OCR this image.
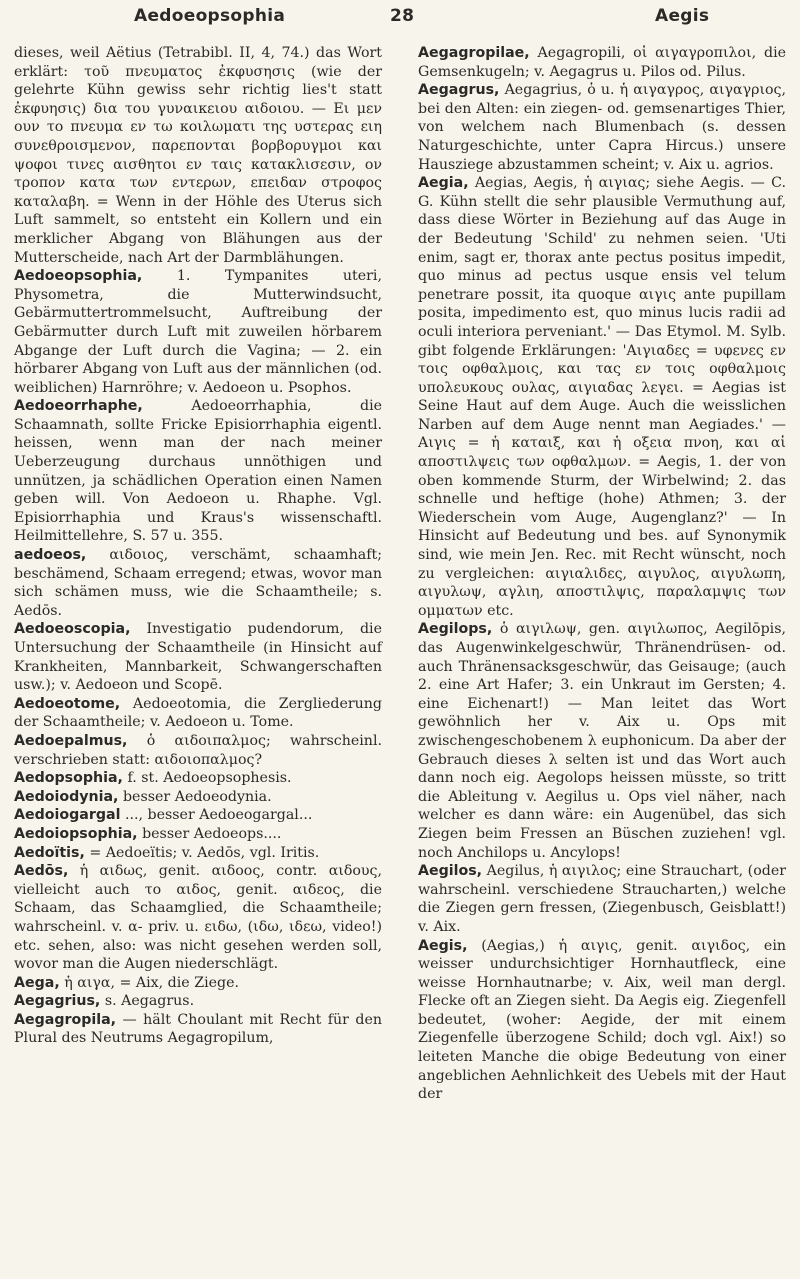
Aedoeopsophia	28	Aegis

dieses, weil Aëtius (Tetrabibl. II, 4, 74.) das Wort erklärt: τοῦ πνευματος ἐκφυσησις (wie der gelehrte Kühn gewiss sehr richtig lies't statt ἐκφυησις) δια του γυναικειου αιδοιου. — Ει μεν ουν το πνευμα εν τω κοιλωματι της υστερας ειη συνεθροισμενον, παρεπονται βορβορυγμοι και ψοφοι τινες αισθητοι εν ταις κατακλισεσιν, ον τροπον κατα των εντερων, επειδαν στροφος καταλαβη. = Wenn in der Höhle des Uterus sich Luft sammelt, so entsteht ein Kollern und ein merklicher Abgang von Blähungen aus der Mutterscheide, nach Art der Darmblähungen.

Aedoeopsophia, 1. Tympanites uteri, Physometra, die Mutterwindsucht, Gebärmuttertrommelsucht, Auftreibung der Gebärmutter durch Luft mit zuweilen hörbarem Abgange der Luft durch die Vagina; — 2. ein hörbarer Abgang von Luft aus der männlichen (od. weiblichen) Harnröhre; v. Aedoeon u. Psophos.

Aedoeorrhaphe,	Aedoeorrhaphia, die Schaamnath, sollte Fricke Episiorrhaphia eigentl. heissen, wenn man der nach meiner Ueberzeugung durchaus unnöthigen und unnützen, ja schädlichen Operation einen Namen geben will. Von Aedoeon u. Rhaphe. Vgl. Episiorrhaphia und Kraus's wissenschaftl. Heilmittellehre, S. 57 u. 355.

aedoeos, αιδοιος, verschämt, schaamhaft; beschämend, Schaam erregend; etwas, wovor man sich schämen muss, wie die Schaamtheile; s. Aedōs.

Aedoeoscopia, Investigatio pudendorum, die Untersuchung der Schaamtheile (in Hinsicht auf Krankheiten, Mannbarkeit, Schwangerschaften usw.); v. Aedoeon und Scopē.

Aedoeotome, Aedoeotomia, die Zergliederung der Schaamtheile; v. Aedoeon u. Tome.

Aedoepalmus, ὁ αιδοιπαλμος; wahrscheinl. verschrieben statt: αιδοιοπαλμος?

Aedopsophia, f. st. Aedoeopsophesis.

Aedoiodynia, besser Aedoeodynia.

Aedoiogargal ..., besser Aedoeogargal...

Aedoiopsophia, besser Aedoeops....

Aedoïtis, = Aedoeïtis; v. Aedōs, vgl. Iritis.

Aedōs, ἡ αιδως, genit. αιδοος, contr. αιδους, vielleicht auch το αιδος, genit. αιδεος, die Schaam, das Schaamglied, die Schaamtheile; wahrscheinl. v. α- priv. u. ειδω, (ιδω, ιδεω, video!) etc. sehen, also: was nicht gesehen werden soll, wovor man die Augen niederschlägt.

Aega, ἡ αιγα, = Aix, die Ziege.

Aegagrius, s. Aegagrus.

Aegagropila, — hält Choulant mit Recht für den Plural des Neutrums Aegagropilum,

Aegagropilae, Aegagropili, οἱ αιγαγροπιλοι, die Gemsenkugeln; v. Aegagrus u. Pilos od. Pilus.

Aegagrus, Aegagrius, ὁ u. ἡ αιγαγρος, αιγαγριος, bei den Alten: ein ziegen- od. gemsenartiges Thier, von welchem nach Blumenbach (s. dessen Naturgeschichte, unter Capra Hircus.) unsere Hausziege abzustammen scheint; v. Aix u. agrios.

Aegia, Aegias, Aegis, ἡ αιγιας; siehe Aegis. — C. G. Kühn stellt die sehr plausible Vermuthung auf, dass diese Wörter in Beziehung auf das Auge in der Bedeutung 'Schild' zu nehmen seien. 'Uti enim, sagt er, thorax ante pectus positus impedit, quo minus ad pectus usque ensis vel telum penetrare possit, ita quoque αιγις ante pupillam posita, impedimento est, quo minus lucis radii ad oculi interiora perveniant.' — Das Etymol. M. Sylb. gibt folgende Erklärungen: 'Αιγιαδες = υφενες εν τοις οφθαλμοις, και τας εν τοις οφθαλμοις υπολευκους ουλας, αιγιαδας λεγει. = Aegias ist Seine Haut auf dem Auge. Auch die weisslichen Narben auf dem Auge nennt man Aegiades.' — Αιγις = ἡ καταιξ, και ἡ οξεια πνοη, και αἱ αποστιλψεις των οφθαλμων. = Aegis, 1. der von oben kommende Sturm, der Wirbelwind; 2. das schnelle und heftige (hohe) Athmen; 3. der Wiederschein vom Auge, Augenglanz?' — In Hinsicht auf Bedeutung und bes. auf Synonymik sind, wie mein Jen. Rec. mit Recht wünscht, noch zu vergleichen: αιγιαλιδες, αιγυλος, αιγυλωπη, αιγυλωψ, αγλιη, αποστιλψις, παραλαμψις των ομματων etc.

Aegilops, ὁ αιγιλωψ, gen. αιγιλωπος, Aegilōpis, das Augenwinkelgeschwür, Thränendrüsen- od. auch Thränensacksgeschwür, das Geisauge; (auch 2. eine Art Hafer; 3. ein Unkraut im Gersten; 4. eine Eichenart!) — Man leitet das Wort gewöhnlich her v. Aix u. Ops mit zwischengeschobenem λ euphonicum. Da aber der Gebrauch dieses λ selten ist und das Wort auch dann noch eig. Aegolops heissen müsste, so tritt die Ableitung v. Aegilus u. Ops viel näher, nach welcher es dann wäre: ein Augenübel, das sich Ziegen beim Fressen an Büschen zuziehen! vgl. noch Anchilops u. Ancylops!

Aegilos, Aegilus, ἡ αιγιλος; eine Strauchart, (oder wahrscheinl. verschiedene Straucharten,) welche die Ziegen gern fressen, (Ziegenbusch, Geisblatt!) v. Aix.

Aegis, (Aegias,) ἡ αιγις, genit. αιγιδος, ein weisser undurchsichtiger Hornhautfleck, eine weisse Hornhautnarbe; v. Aix, weil man dergl. Flecke oft an Ziegen sieht. Da Aegis eig. Ziegenfell bedeutet, (woher: Aegide, der mit einem Ziegenfelle überzogene Schild; doch vgl. Aix!) so leiteten Manche die obige Bedeutung von einer angeblichen Aehnlichkeit des Uebels mit der Haut der
